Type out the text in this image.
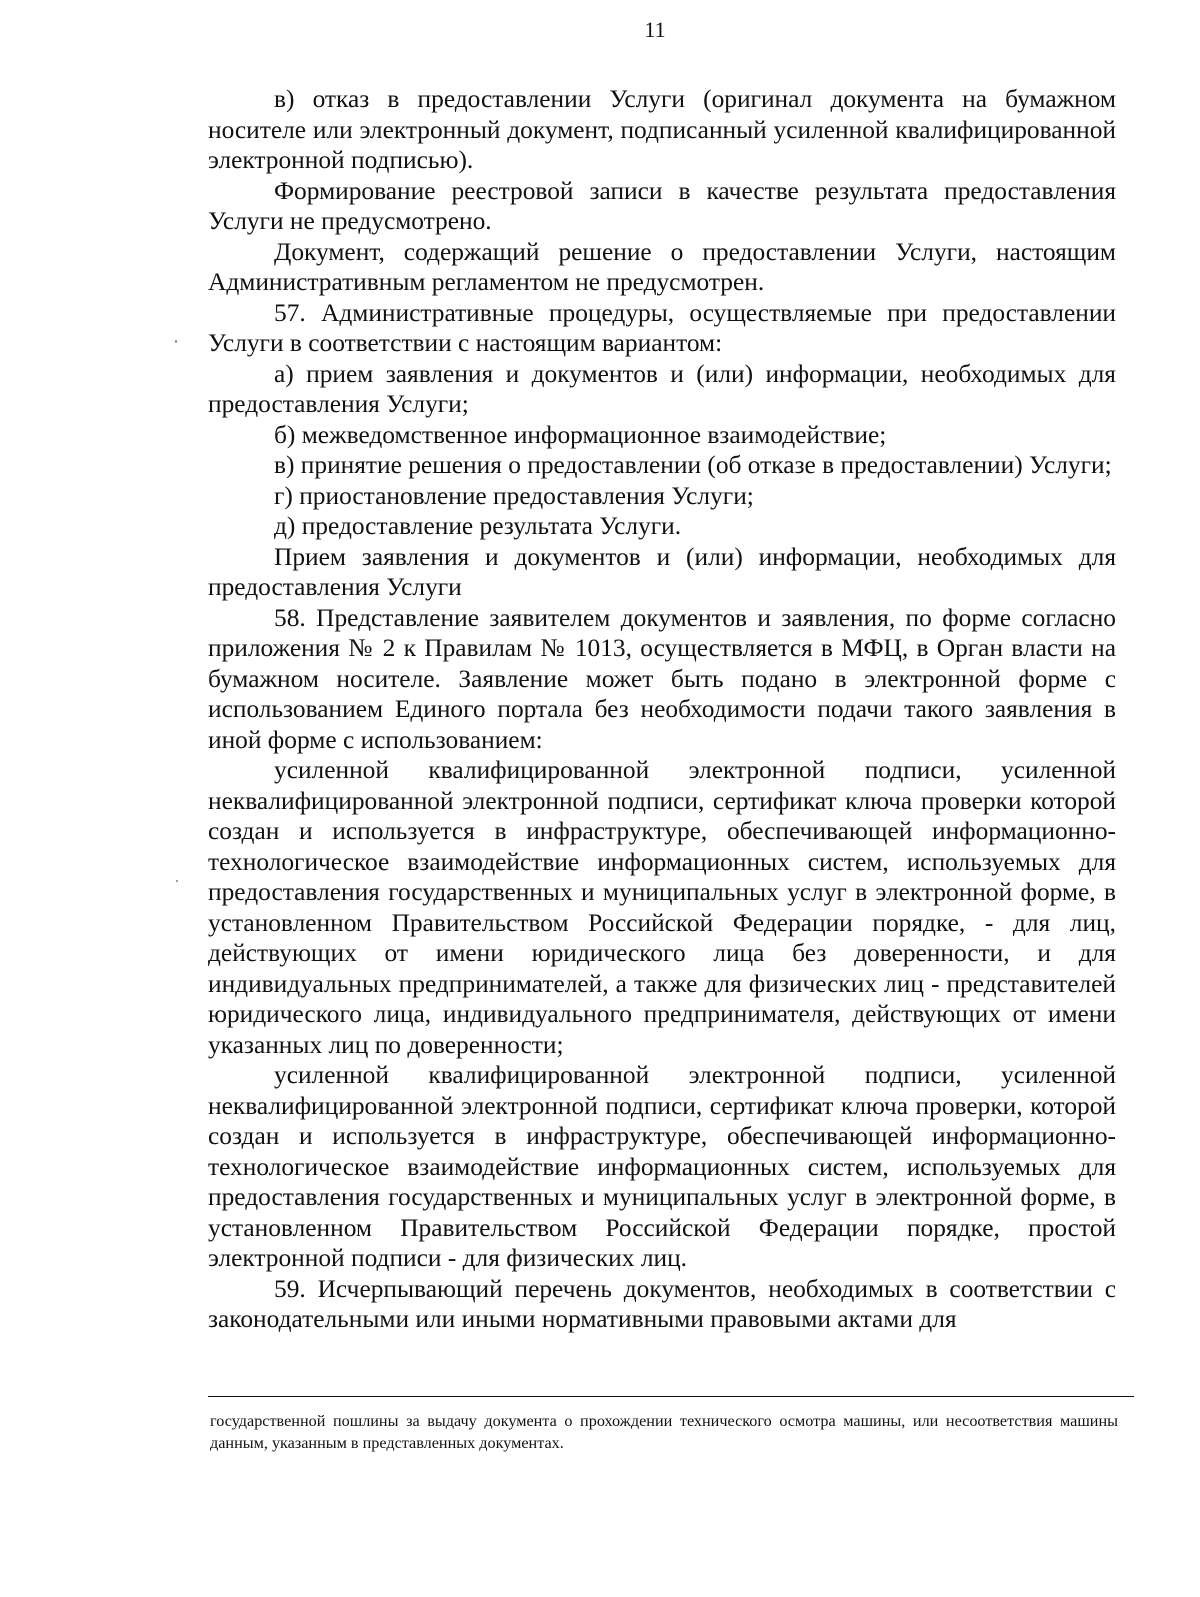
11

в) отказ в предоставлении Услуги (оригинал документа на бумажном носителе или электронный документ, подписанный усиленной квалифицированной электронной подписью).

Формирование реестровой записи в качестве результата предоставления Услуги не предусмотрено.

Документ, содержащий решение о предоставлении Услуги, настоящим Административным регламентом не предусмотрен.

57. Административные процедуры, осуществляемые при предоставлении Услуги в соответствии с настоящим вариантом:

а) прием заявления и документов и (или) информации, необходимых для предоставления Услуги;

б) межведомственное информационное взаимодействие;

в) принятие решения о предоставлении (об отказе в предоставлении) Услуги;

г) приостановление предоставления Услуги;

д) предоставление результата Услуги.

Прием заявления и документов и (или) информации, необходимых для предоставления Услуги

58. Представление заявителем документов и заявления, по форме согласно приложения № 2 к Правилам № 1013, осуществляется в МФЦ, в Орган власти на бумажном носителе. Заявление может быть подано в электронной форме с использованием Единого портала без необходимости подачи такого заявления в иной форме с использованием:

усиленной квалифицированной электронной подписи, усиленной неквалифицированной электронной подписи, сертификат ключа проверки которой создан и используется в инфраструктуре, обеспечивающей информационно-технологическое взаимодействие информационных систем, используемых для предоставления государственных и муниципальных услуг в электронной форме, в установленном Правительством Российской Федерации порядке, - для лиц, действующих от имени юридического лица без доверенности, и для индивидуальных предпринимателей, а также для физических лиц - представителей юридического лица, индивидуального предпринимателя, действующих от имени указанных лиц по доверенности;

усиленной квалифицированной электронной подписи, усиленной неквалифицированной электронной подписи, сертификат ключа проверки, которой создан и используется в инфраструктуре, обеспечивающей информационно-технологическое взаимодействие информационных систем, используемых для предоставления государственных и муниципальных услуг в электронной форме, в установленном Правительством Российской Федерации порядке, простой электронной подписи - для физических лиц.

59. Исчерпывающий перечень документов, необходимых в соответствии с законодательными или иными нормативными правовыми актами для

государственной пошлины за выдачу документа о прохождении технического осмотра машины, или несоответствия машины данным, указанным в представленных документах.
